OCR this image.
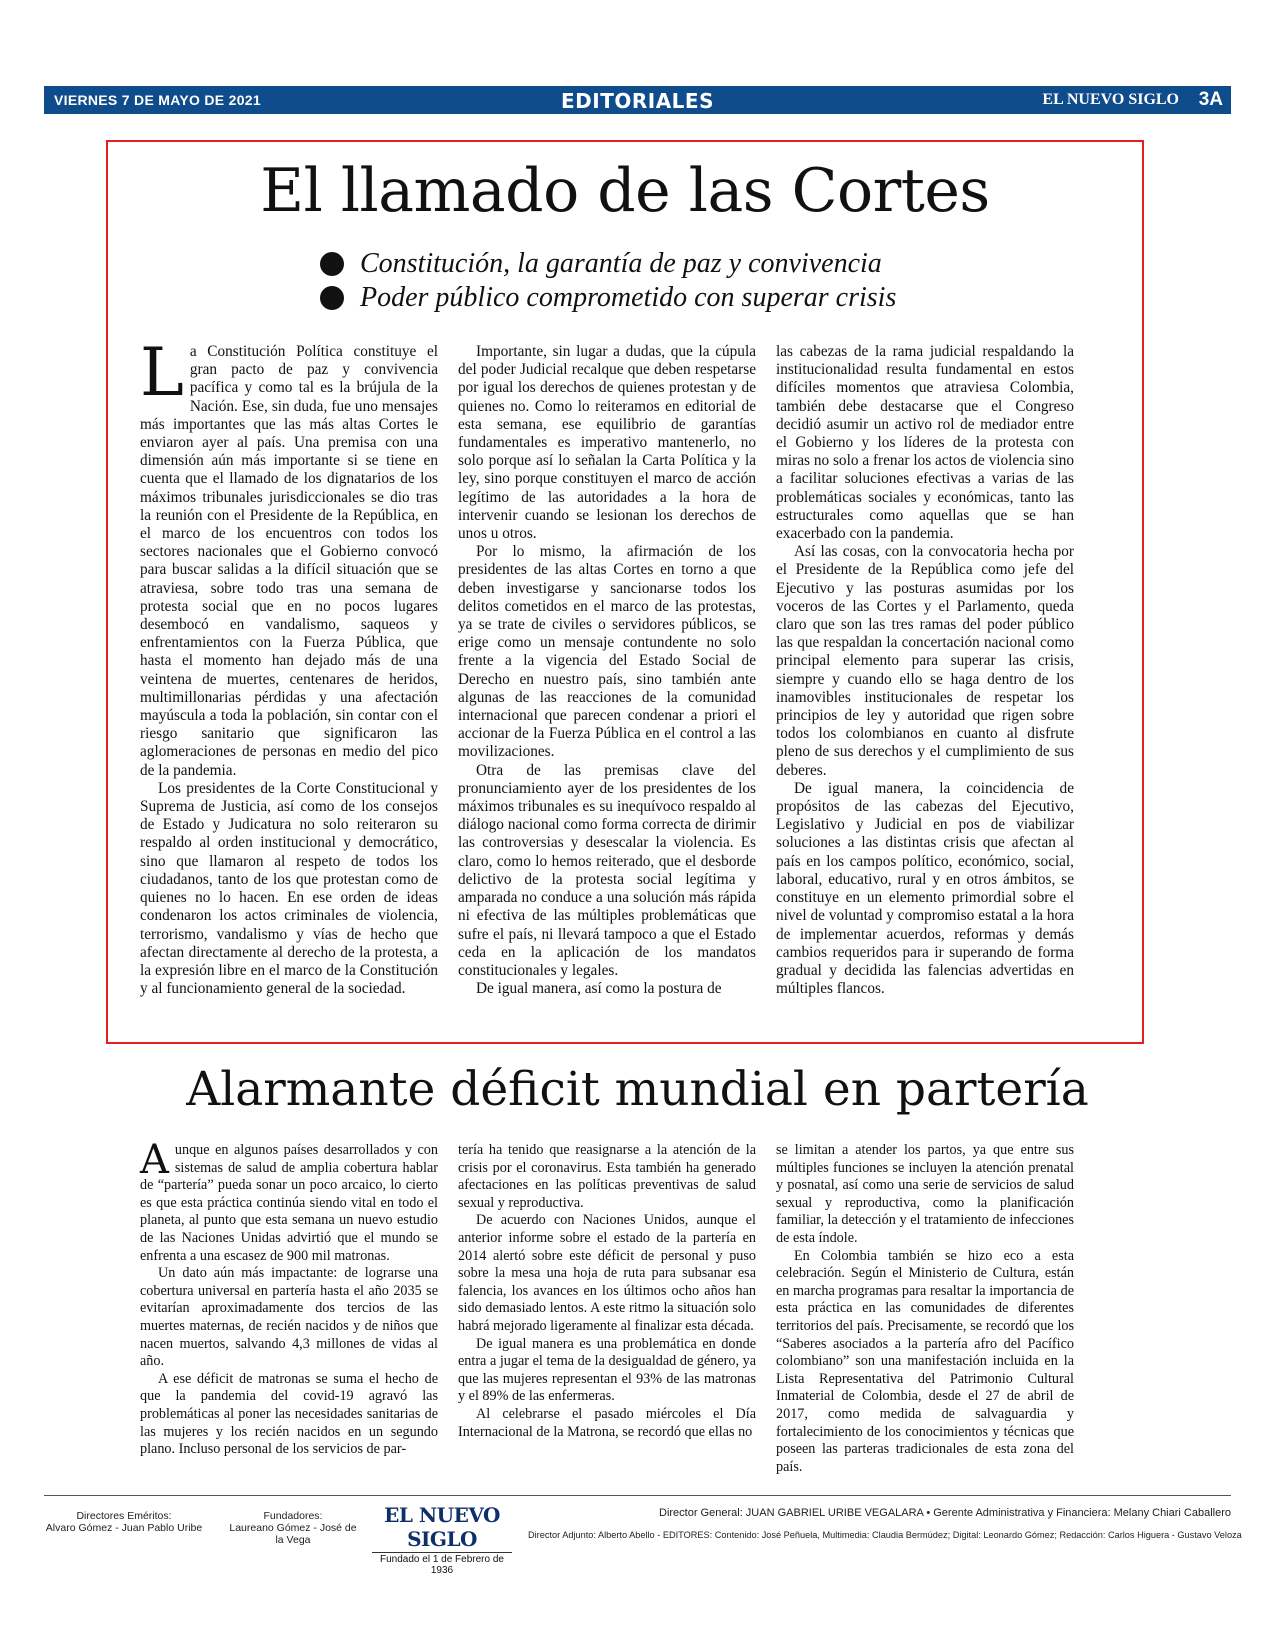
VIERNES 7 DE MAYO DE 2021	EDITORIALES	EL NUEVO SIGLO 3A
El llamado de las Cortes
Constitución, la garantía de paz y convivencia
Poder público comprometido con superar crisis

La Constitución Política constituye el gran pacto de paz y convivencia pacífica y como tal es la brújula de la Nación. Ese, sin duda, fue uno mensajes más importantes que las más altas Cortes le enviaron ayer al país. Una premisa con una dimensión aún más importante si se tiene en cuenta que el llamado de los dignatarios de los máximos tribunales jurisdiccionales se dio tras la reunión con el Presidente de la República, en el marco de los encuentros con todos los sectores nacionales que el Gobierno convocó para buscar salidas a la difícil situación que se atraviesa, sobre todo tras una semana de protesta social que en no pocos lugares desembocó en vandalismo, saqueos y enfrentamientos con la Fuerza Pública, que hasta el momento han dejado más de una veintena de muertes, centenares de heridos, multimillonarias pérdidas y una afectación mayúscula a toda la población, sin contar con el riesgo sanitario que significaron las aglomeraciones de personas en medio del pico de la pandemia.

Los presidentes de la Corte Constitucional y Suprema de Justicia, así como de los consejos de Estado y Judicatura no solo reiteraron su respaldo al orden institucional y democrático, sino que llamaron al respeto de todos los ciudadanos, tanto de los que protestan como de quienes no lo hacen. En ese orden de ideas condenaron los actos criminales de violencia, terrorismo, vandalismo y vías de hecho que afectan directamente al derecho de la protesta, a la expresión libre en el marco de la Constitución y al funcionamiento general de la sociedad.

Importante, sin lugar a dudas, que la cúpula del poder Judicial recalque que deben respetarse por igual los derechos de quienes protestan y de quienes no. Como lo reiteramos en editorial de esta semana, ese equilibrio de garantías fundamentales es imperativo mantenerlo, no solo porque así lo señalan la Carta Política y la ley, sino porque constituyen el marco de acción legítimo de las autoridades a la hora de intervenir cuando se lesionan los derechos de unos u otros.

Por lo mismo, la afirmación de los presidentes de las altas Cortes en torno a que deben investigarse y sancionarse todos los delitos cometidos en el marco de las protestas, ya se trate de civiles o servidores públicos, se erige como un mensaje contundente no solo frente a la vigencia del Estado Social de Derecho en nuestro país, sino también ante algunas de las reacciones de la comunidad internacional que parecen condenar a priori el accionar de la Fuerza Pública en el control a las movilizaciones.

Otra de las premisas clave del pronunciamiento ayer de los presidentes de los máximos tribunales es su inequívoco respaldo al diálogo nacional como forma correcta de dirimir las controversias y desescalar la violencia. Es claro, como lo hemos reiterado, que el desborde delictivo de la protesta social legítima y amparada no conduce a una solución más rápida ni efectiva de las múltiples problemáticas que sufre el país, ni llevará tampoco a que el Estado ceda en la aplicación de los mandatos constitucionales y legales.

De igual manera, así como la postura de

las cabezas de la rama judicial respaldando la institucionalidad resulta fundamental en estos difíciles momentos que atraviesa Colombia, también debe destacarse que el Congreso decidió asumir un activo rol de mediador entre el Gobierno y los líderes de la protesta con miras no solo a frenar los actos de violencia sino a facilitar soluciones efectivas a varias de las problemáticas sociales y económicas, tanto las estructurales como aquellas que se han exacerbado con la pandemia.

Así las cosas, con la convocatoria hecha por el Presidente de la República como jefe del Ejecutivo y las posturas asumidas por los voceros de las Cortes y el Parlamento, queda claro que son las tres ramas del poder público las que respaldan la concertación nacional como principal elemento para superar las crisis, siempre y cuando ello se haga dentro de los inamovibles institucionales de respetar los principios de ley y autoridad que rigen sobre todos los colombianos en cuanto al disfrute pleno de sus derechos y el cumplimiento de sus deberes.

De igual manera, la coincidencia de propósitos de las cabezas del Ejecutivo, Legislativo y Judicial en pos de viabilizar soluciones a las distintas crisis que afectan al país en los campos político, económico, social, laboral, educativo, rural y en otros ámbitos, se constituye en un elemento primordial sobre el nivel de voluntad y compromiso estatal a la hora de implementar acuerdos, reformas y demás cambios requeridos para ir superando de forma gradual y decidida las falencias advertidas en múltiples flancos.

Alarmante déficit mundial en partería

Aunque en algunos países desarrollados y con sistemas de salud de amplia cobertura hablar de “partería” pueda sonar un poco arcaico, lo cierto es que esta práctica continúa siendo vital en todo el planeta, al punto que esta semana un nuevo estudio de las Naciones Unidas advirtió que el mundo se enfrenta a una escasez de 900 mil matronas.

Un dato aún más impactante: de lograrse una cobertura universal en partería hasta el año 2035 se evitarían aproximadamente dos tercios de las muertes maternas, de recién nacidos y de niños que nacen muertos, salvando 4,3 millones de vidas al año.

A ese déficit de matronas se suma el hecho de que la pandemia del covid-19 agravó las problemáticas al poner las necesidades sanitarias de las mujeres y los recién nacidos en un segundo plano. Incluso personal de los servicios de par-

tería ha tenido que reasignarse a la atención de la crisis por el coronavirus. Esta también ha generado afectaciones en las políticas preventivas de salud sexual y reproductiva.

De acuerdo con Naciones Unidos, aunque el anterior informe sobre el estado de la partería en 2014 alertó sobre este déficit de personal y puso sobre la mesa una hoja de ruta para subsanar esa falencia, los avances en los últimos ocho años han sido demasiado lentos. A este ritmo la situación solo habrá mejorado ligeramente al finalizar esta década.

De igual manera es una problemática en donde entra a jugar el tema de la desigualdad de género, ya que las mujeres representan el 93% de las matronas y el 89% de las enfermeras.

Al celebrarse el pasado miércoles el Día Internacional de la Matrona, se recordó que ellas no

se limitan a atender los partos, ya que entre sus múltiples funciones se incluyen la atención prenatal y posnatal, así como una serie de servicios de salud sexual y reproductiva, como la planificación familiar, la detección y el tratamiento de infecciones de esta índole.

En Colombia también se hizo eco a esta celebración. Según el Ministerio de Cultura, están en marcha programas para resaltar la importancia de esta práctica en las comunidades de diferentes territorios del país. Precisamente, se recordó que los “Saberes asociados a la partería afro del Pacífico colombiano” son una manifestación incluida en la Lista Representativa del Patrimonio Cultural Inmaterial de Colombia, desde el 27 de abril de 2017, como medida de salvaguardia y fortalecimiento de los conocimientos y técnicas que poseen las parteras tradicionales de esta zona del país.

Directores Eméritos:
Alvaro Gómez - Juan Pablo Uribe
Fundadores:
Laureano Gómez - José de la Vega
EL NUEVO SIGLO
Fundado el 1 de Febrero de 1936
Director General: JUAN GABRIEL URIBE VEGALARA • Gerente Administrativa y Financiera: Melany Chiari Caballero
Director Adjunto: Alberto Abello - EDITORES: Contenido: José Peñuela, Multimedia: Claudia Bermúdez; Digital: Leonardo Gómez; Redacción: Carlos Higuera - Gustavo Veloza
